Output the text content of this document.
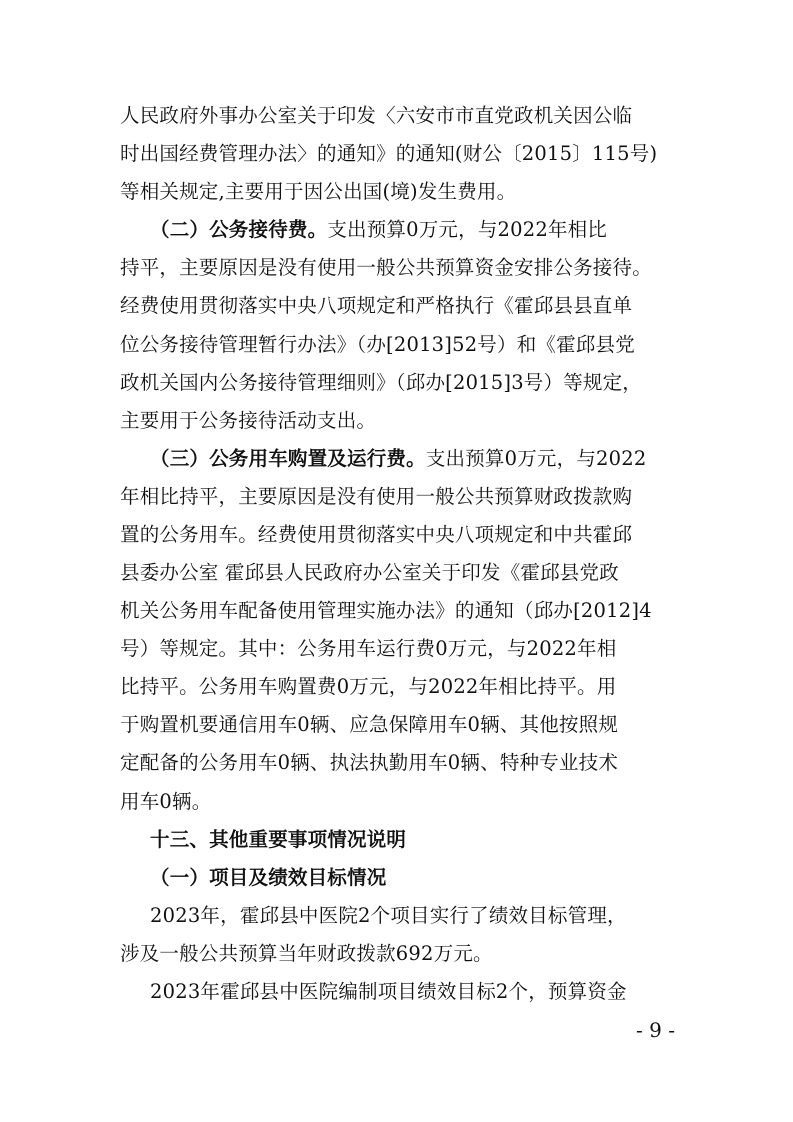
人民政府外事办公室关于印发〈六安市市直党政机关因公临
时出国经费管理办法〉的通知》的通知(财公〔2015〕115号)
等相关规定,主要用于因公出国(境)发生费用。
（二）公务接待费。支出预算0万元，与2022年相比
持平，主要原因是没有使用一般公共预算资金安排公务接待。
经费使用贯彻落实中央八项规定和严格执行《霍邱县县直单
位公务接待管理暂行办法》（办[2013]52号）和《霍邱县党
政机关国内公务接待管理细则》（邱办[2015]3号）等规定，
主要用于公务接待活动支出。
（三）公务用车购置及运行费。支出预算0万元，与2022
年相比持平，主要原因是没有使用一般公共预算财政拨款购
置的公务用车。经费使用贯彻落实中央八项规定和中共霍邱
县委办公室 霍邱县人民政府办公室关于印发《霍邱县党政
机关公务用车配备使用管理实施办法》的通知（邱办[2012]4
号）等规定。其中：公务用车运行费0万元，与2022年相
比持平。公务用车购置费0万元，与2022年相比持平。用
于购置机要通信用车0辆、应急保障用车0辆、其他按照规
定配备的公务用车0辆、执法执勤用车0辆、特种专业技术
用车0辆。
十三、其他重要事项情况说明
（一）项目及绩效目标情况
2023年，霍邱县中医院2个项目实行了绩效目标管理，
涉及一般公共预算当年财政拨款692万元。
2023年霍邱县中医院编制项目绩效目标2个，预算资金
- 9 -
